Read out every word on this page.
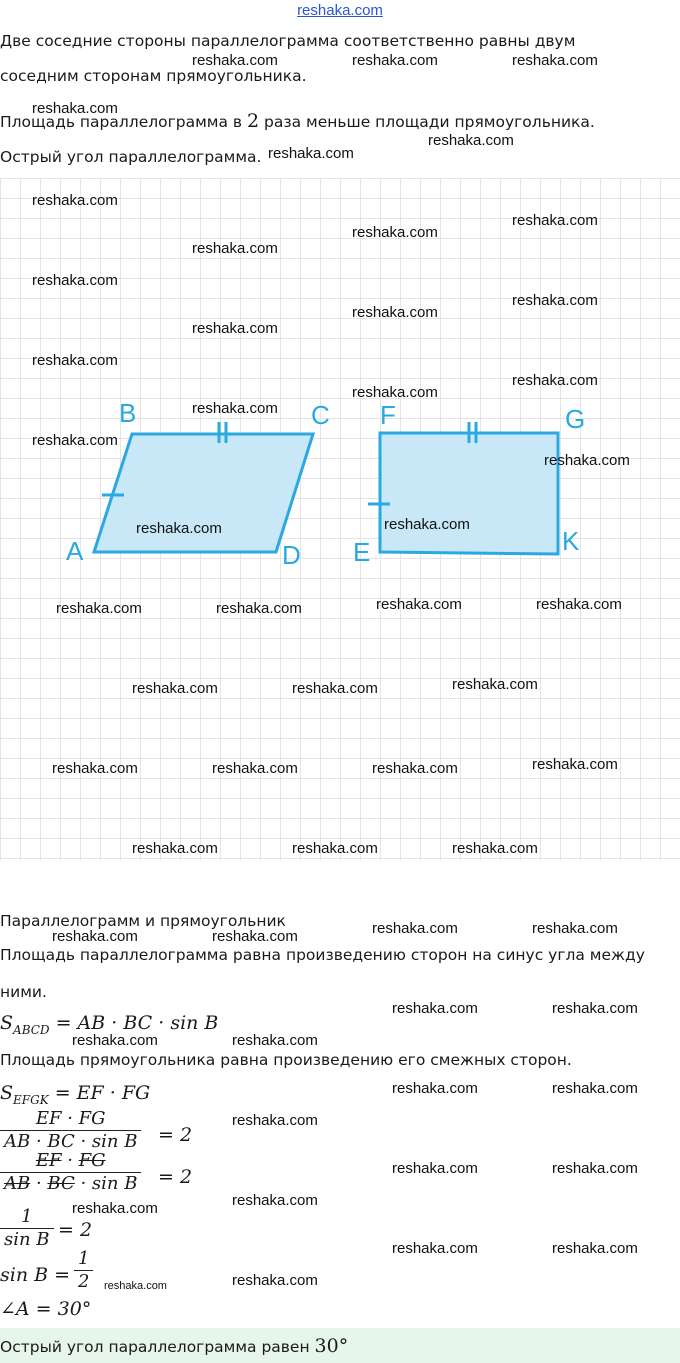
reshaka.com
Две соседние стороны параллелограмма соответственно равны двум
соседним сторонам прямоугольника.
Площадь параллелограмма в 2 раза меньше площади прямоугольника.
Острый угол параллелограмма.
A
B	C
D
F	G
E	K
Параллелограмм и прямоугольник
Площадь параллелограмма равна произведению сторон на синус угла между
ними.
$S_{ABCD}$ = AB · BC · sin B
Площадь прямоугольника равна произведению его смежных сторон.
$S_{EFGK}$ = EF · FG
$\frac{EF \cdot FG}{\text{AB · BC · sin B}} = 2$
$\frac{EF \cdot FG}{\text{AB · BC · sin B}} = 2$
$\frac{1}{\text{sin B}} = 2$
$\sin B = \frac{1}{2}$
∠A = 30°
Острый угол параллелограмма равен 30°
reshaka.com	reshaka.com	reshaka.com
reshaka.com
reshaka.com
reshaka.com
reshaka.com
reshaka.com
reshaka.com
reshaka.com
reshaka.com
reshaka.com
reshaka.com
reshaka.com
reshaka.com
reshaka.com
reshaka.com
reshaka.com
reshaka.com
reshaka.com
reshaka.com
reshaka.com
reshaka.com	reshaka.com	reshaka.com	reshaka.com
reshaka.com	reshaka.com	reshaka.com
reshaka.com	reshaka.com	reshaka.com	reshaka.com
reshaka.com	reshaka.com	reshaka.com
reshaka.com	reshaka.com
reshaka.com	reshaka.com
reshaka.com	reshaka.com
reshaka.com	reshaka.com
reshaka.com	reshaka.com
reshaka.com
reshaka.com	reshaka.com
reshaka.com
reshaka.com
reshaka.com	reshaka.com
reshaka.com
reshaka.com
